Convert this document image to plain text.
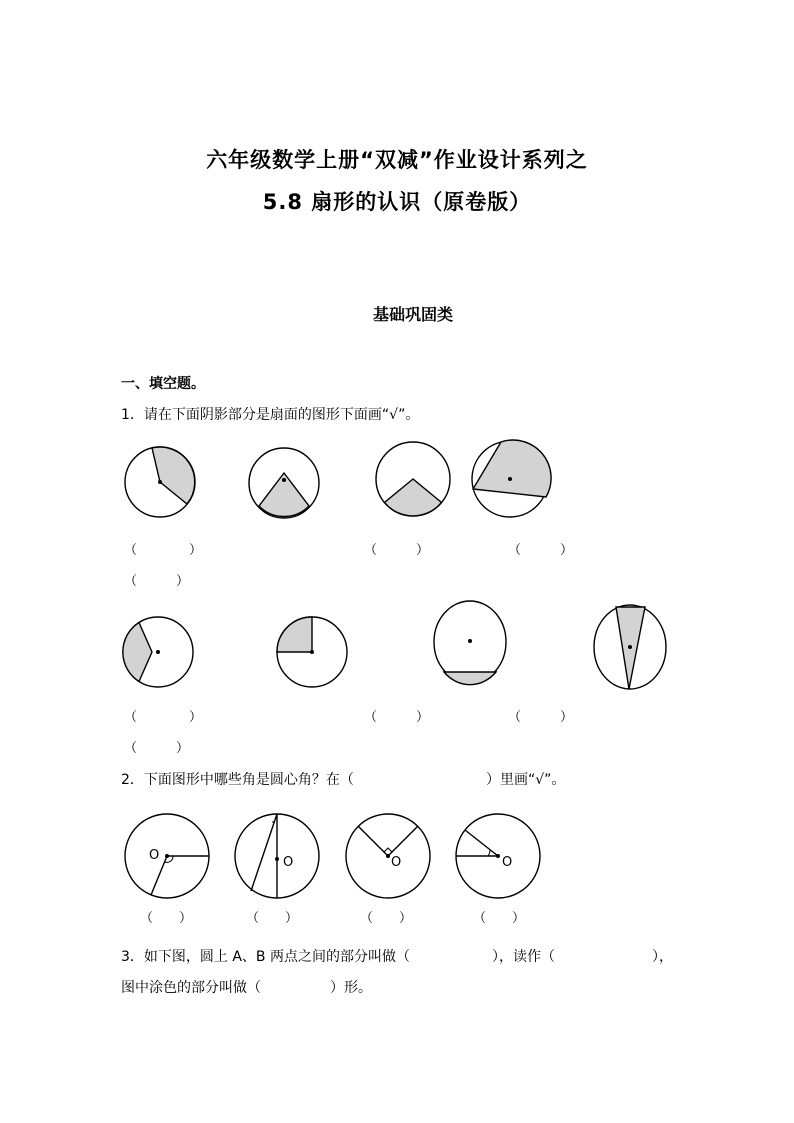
六年级数学上册“双减”作业设计系列之
5.8 扇形的认识（原卷版）
基础巩固类
一、填空题。
1．请在下面阴影部分是扇面的图形下面画“√”。
（　　　　）	（　　　）	（　　　）
（　　　）
（　　　　）	（　　　）	（　　　）
（　　　）
2．下面图形中哪些角是圆心角？在（	）里画“√”。
O	O	O	O
（　　）	（　　）	（　　）	（　　）
3．如下图，圆上 A、B 两点之间的部分叫做（	），读作（	），
图中涂色的部分叫做（	）形。
